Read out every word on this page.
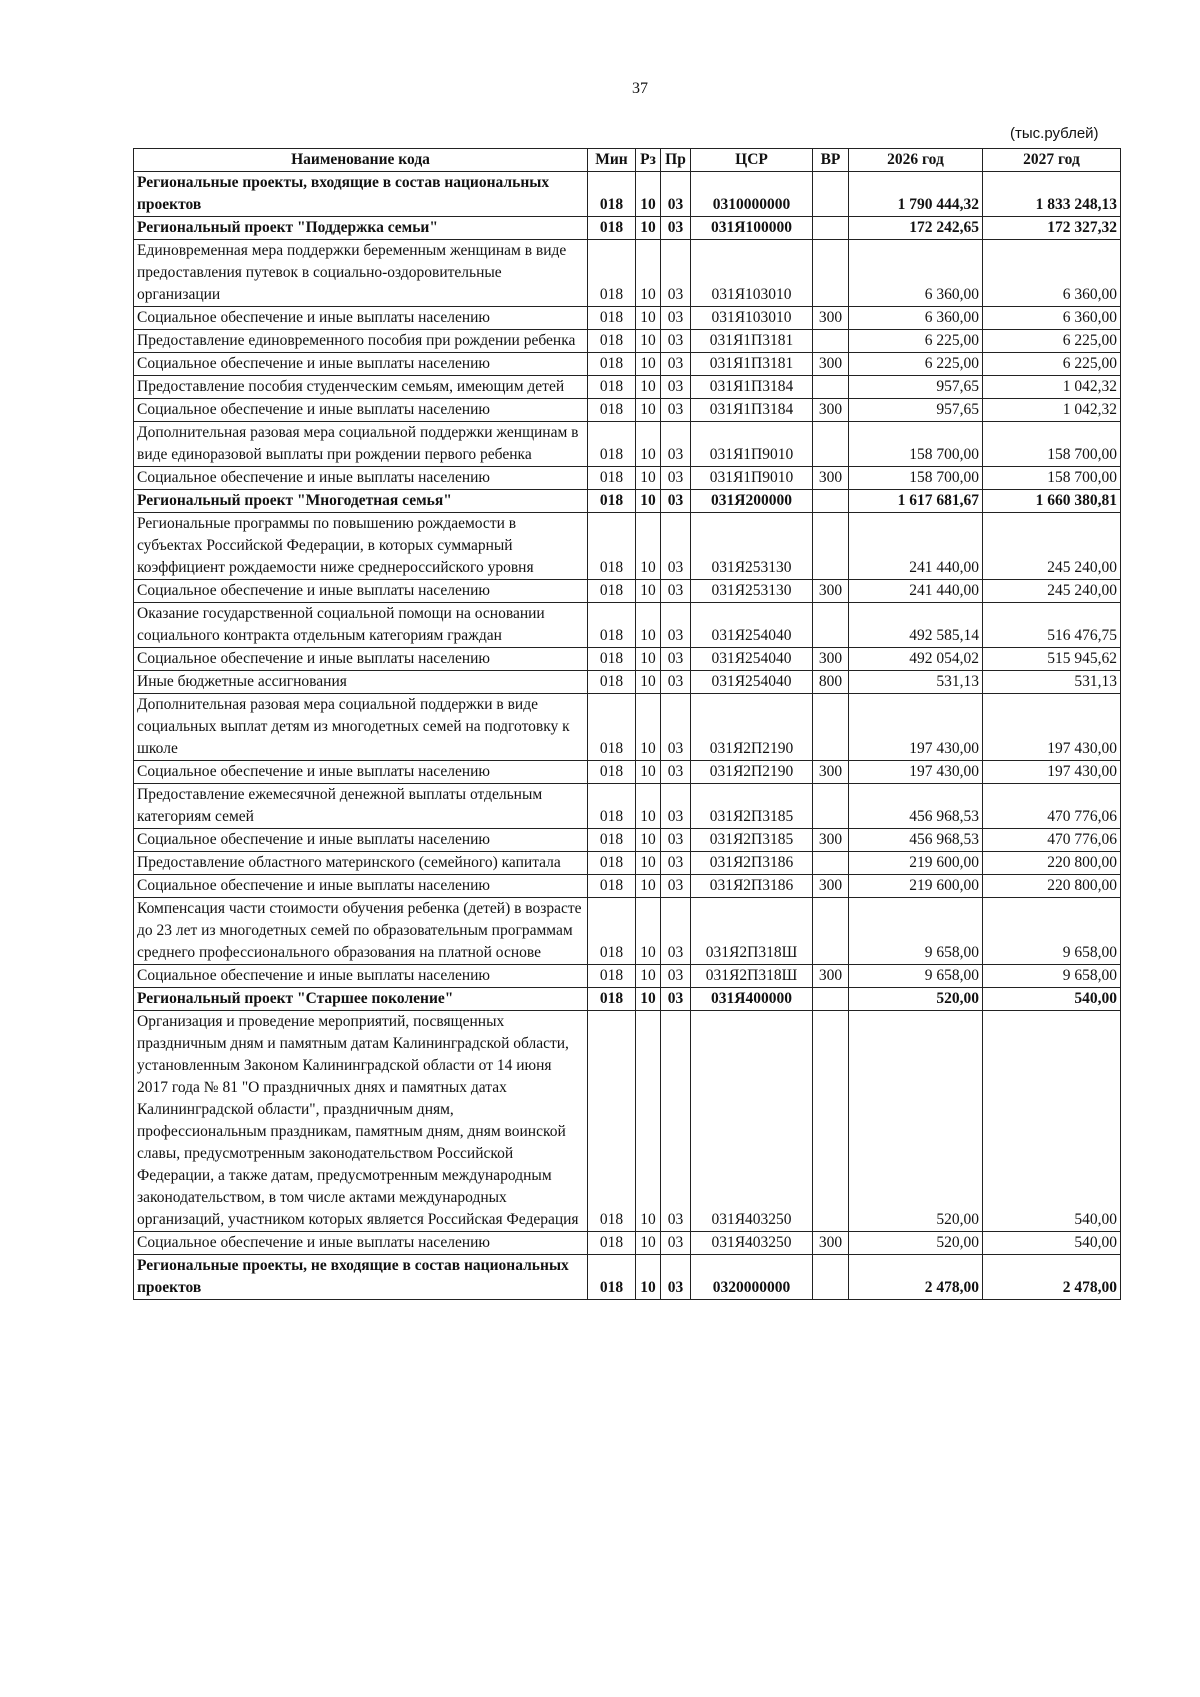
37
(тыс.рублей)
Наименование кода	Мин	Рз	Пр	ЦСР	ВР	2026 год	2027 год
Региональные проекты, входящие в состав национальных проектов	018	10	03	0310000000		1 790 444,32	1 833 248,13
Региональный проект "Поддержка семьи"	018	10	03	031Я100000		172 242,65	172 327,32
Единовременная мера поддержки беременным женщинам в виде предоставления путевок в социально-оздоровительные организации	018	10	03	031Я103010		6 360,00	6 360,00
Социальное обеспечение и иные выплаты населению	018	10	03	031Я103010	300	6 360,00	6 360,00
Предоставление единовременного пособия при рождении ребенка	018	10	03	031Я1П3181		6 225,00	6 225,00
Социальное обеспечение и иные выплаты населению	018	10	03	031Я1П3181	300	6 225,00	6 225,00
Предоставление пособия студенческим семьям, имеющим детей	018	10	03	031Я1П3184		957,65	1 042,32
Социальное обеспечение и иные выплаты населению	018	10	03	031Я1П3184	300	957,65	1 042,32
Дополнительная разовая мера социальной поддержки женщинам в виде единоразовой выплаты при рождении первого ребенка	018	10	03	031Я1П9010		158 700,00	158 700,00
Социальное обеспечение и иные выплаты населению	018	10	03	031Я1П9010	300	158 700,00	158 700,00
Региональный проект "Многодетная семья"	018	10	03	031Я200000		1 617 681,67	1 660 380,81
Региональные программы по повышению рождаемости в субъектах Российской Федерации, в которых суммарный коэффициент рождаемости ниже среднероссийского уровня	018	10	03	031Я253130		241 440,00	245 240,00
Социальное обеспечение и иные выплаты населению	018	10	03	031Я253130	300	241 440,00	245 240,00
Оказание государственной социальной помощи на основании социального контракта отдельным категориям граждан	018	10	03	031Я254040		492 585,14	516 476,75
Социальное обеспечение и иные выплаты населению	018	10	03	031Я254040	300	492 054,02	515 945,62
Иные бюджетные ассигнования	018	10	03	031Я254040	800	531,13	531,13
Дополнительная разовая мера социальной поддержки в виде социальных выплат детям из многодетных семей на подготовку к школе	018	10	03	031Я2П2190		197 430,00	197 430,00
Социальное обеспечение и иные выплаты населению	018	10	03	031Я2П2190	300	197 430,00	197 430,00
Предоставление ежемесячной денежной выплаты отдельным категориям семей	018	10	03	031Я2П3185		456 968,53	470 776,06
Социальное обеспечение и иные выплаты населению	018	10	03	031Я2П3185	300	456 968,53	470 776,06
Предоставление областного материнского (семейного) капитала	018	10	03	031Я2П3186		219 600,00	220 800,00
Социальное обеспечение и иные выплаты населению	018	10	03	031Я2П3186	300	219 600,00	220 800,00
Компенсация части стоимости обучения ребенка (детей) в возрасте до 23 лет из многодетных семей по образовательным программам среднего профессионального образования на платной основе	018	10	03	031Я2П318Ш		9 658,00	9 658,00
Социальное обеспечение и иные выплаты населению	018	10	03	031Я2П318Ш	300	9 658,00	9 658,00
Региональный проект "Старшее поколение"	018	10	03	031Я400000		520,00	540,00
Организация и проведение мероприятий, посвященных праздничным дням и памятным датам Калининградской области, установленным Законом Калининградской области от 14 июня 2017 года № 81 "О праздничных днях и памятных датах Калининградской области", праздничным дням, профессиональным праздникам, памятным дням, дням воинской славы, предусмотренным законодательством Российской Федерации, а также датам, предусмотренным международным законодательством, в том числе актами международных организаций, участником которых является Российская Федерация	018	10	03	031Я403250		520,00	540,00
Социальное обеспечение и иные выплаты населению	018	10	03	031Я403250	300	520,00	540,00
Региональные проекты, не входящие в состав национальных проектов	018	10	03	0320000000		2 478,00	2 478,00
